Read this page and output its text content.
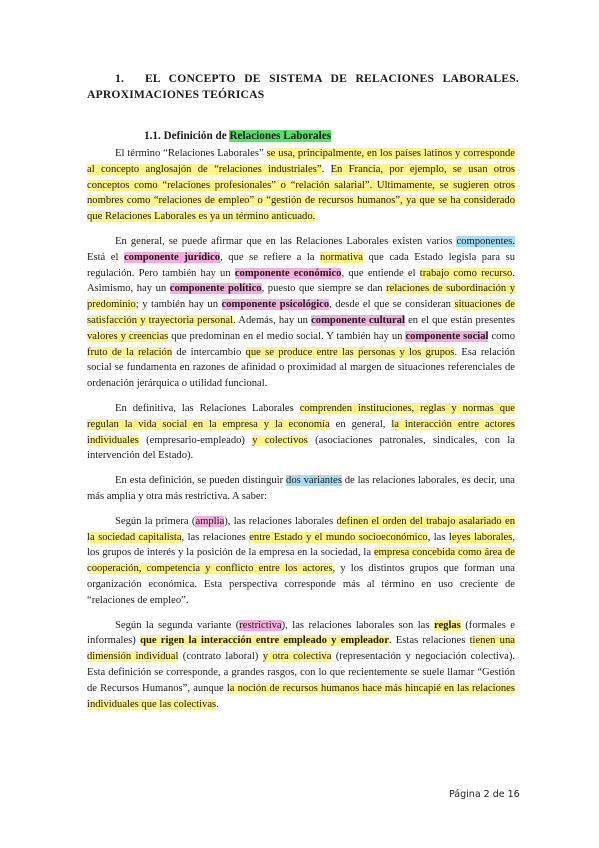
1. EL CONCEPTO DE SISTEMA DE RELACIONES LABORALES. APROXIMACIONES TEÓRICAS
1.1. Definición de Relaciones Laborales

El término “Relaciones Laborales” se usa, principalmente, en los países latinos y corresponde al concepto anglosajón de “relaciones industriales”. En Francia, por ejemplo, se usan otros conceptos como “relaciones profesionales” o “relación salarial”. Ultimamente, se sugieren otros nombres como “relaciones de empleo” o “gestión de recursos humanos”, ya que se ha considerado que Relaciones Laborales es ya un término anticuado.

En general, se puede afirmar que en las Relaciones Laborales existen varios componentes. Está el componente jurídico, que se refiere a la normativa que cada Estado legisla para su regulación. Pero también hay un componente económico, que entiende el trabajo como recurso. Asimismo, hay un componente político, puesto que siempre se dan relaciones de subordinación y predominio; y también hay un componente psicológico, desde el que se consideran situaciones de satisfacción y trayectoria personal. Además, hay un componente cultural en el que están presentes valores y creencias que predominan en el medio social. Y también hay un componente social como fruto de la relación de intercambio que se produce entre las personas y los grupos. Esa relación social se fundamenta en razones de afinidad o proximidad al margen de situaciones referenciales de ordenación jerárquica o utilidad funcional.

En definitiva, las Relaciones Laborales comprenden instituciones, reglas y normas que regulan la vida social en la empresa y la economía en general, la interacción entre actores individuales (empresario-empleado) y colectivos (asociaciones patronales, sindicales, con la intervención del Estado).

En esta definición, se pueden distinguir dos variantes de las relaciones laborales, es decir, una más amplia y otra más restrictiva. A saber:

Según la primera (amplia), las relaciones laborales definen el orden del trabajo asalariado en la sociedad capitalista, las relaciones entre Estado y el mundo socioeconómico, las leyes laborales, los grupos de interés y la posición de la empresa en la sociedad, la empresa concebida como área de cooperación, competencia y conflicto entre los actores, y los distintos grupos que forman una organización económica. Esta perspectiva corresponde más al término en uso creciente de “relaciones de empleo”.

Según la segunda variante (restrictiva), las relaciones laborales son las reglas (formales e informales) que rigen la interacción entre empleado y empleador. Estas relaciones tienen una dimensión individual (contrato laboral) y otra colectiva (representación y negociación colectiva). Esta definición se corresponde, a grandes rasgos, con lo que recientemente se suele llamar “Gestión de Recursos Humanos”, aunque la noción de recursos humanos hace más hincapié en las relaciones individuales que las colectivas.

Página 2 de 16
